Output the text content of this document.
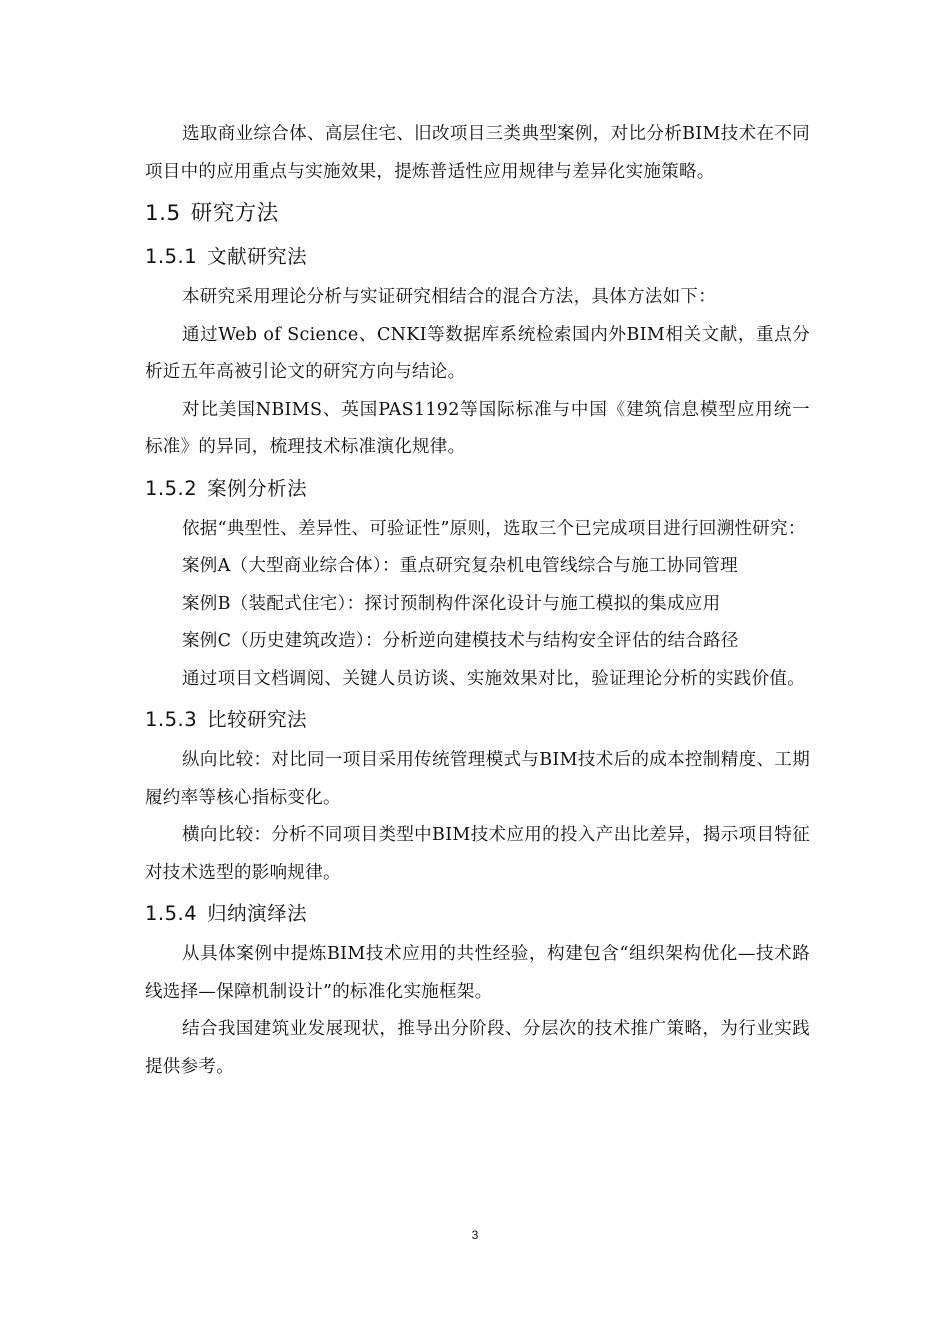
选取商业综合体、高层住宅、旧改项目三类典型案例，对比分析BIM技术在不同项目中的应用重点与实施效果，提炼普适性应用规律与差异化实施策略。

1.5 研究方法
1.5.1 文献研究法

本研究采用理论分析与实证研究相结合的混合方法，具体方法如下：

通过Web of Science、CNKI等数据库系统检索国内外BIM相关文献，重点分析近五年高被引论文的研究方向与结论。

对比美国NBIMS、英国PAS1192等国际标准与中国《建筑信息模型应用统一标准》的异同，梳理技术标准演化规律。

1.5.2 案例分析法

依据“典型性、差异性、可验证性”原则，选取三个已完成项目进行回溯性研究：

案例A（大型商业综合体）：重点研究复杂机电管线综合与施工协同管理

案例B（装配式住宅）：探讨预制构件深化设计与施工模拟的集成应用

案例C（历史建筑改造）：分析逆向建模技术与结构安全评估的结合路径

通过项目文档调阅、关键人员访谈、实施效果对比，验证理论分析的实践价值。

1.5.3 比较研究法

纵向比较：对比同一项目采用传统管理模式与BIM技术后的成本控制精度、工期履约率等核心指标变化。

横向比较：分析不同项目类型中BIM技术应用的投入产出比差异，揭示项目特征对技术选型的影响规律。

1.5.4 归纳演绎法

从具体案例中提炼BIM技术应用的共性经验，构建包含“组织架构优化—技术路线选择—保障机制设计”的标准化实施框架。

结合我国建筑业发展现状，推导出分阶段、分层次的技术推广策略，为行业实践提供参考。

3
